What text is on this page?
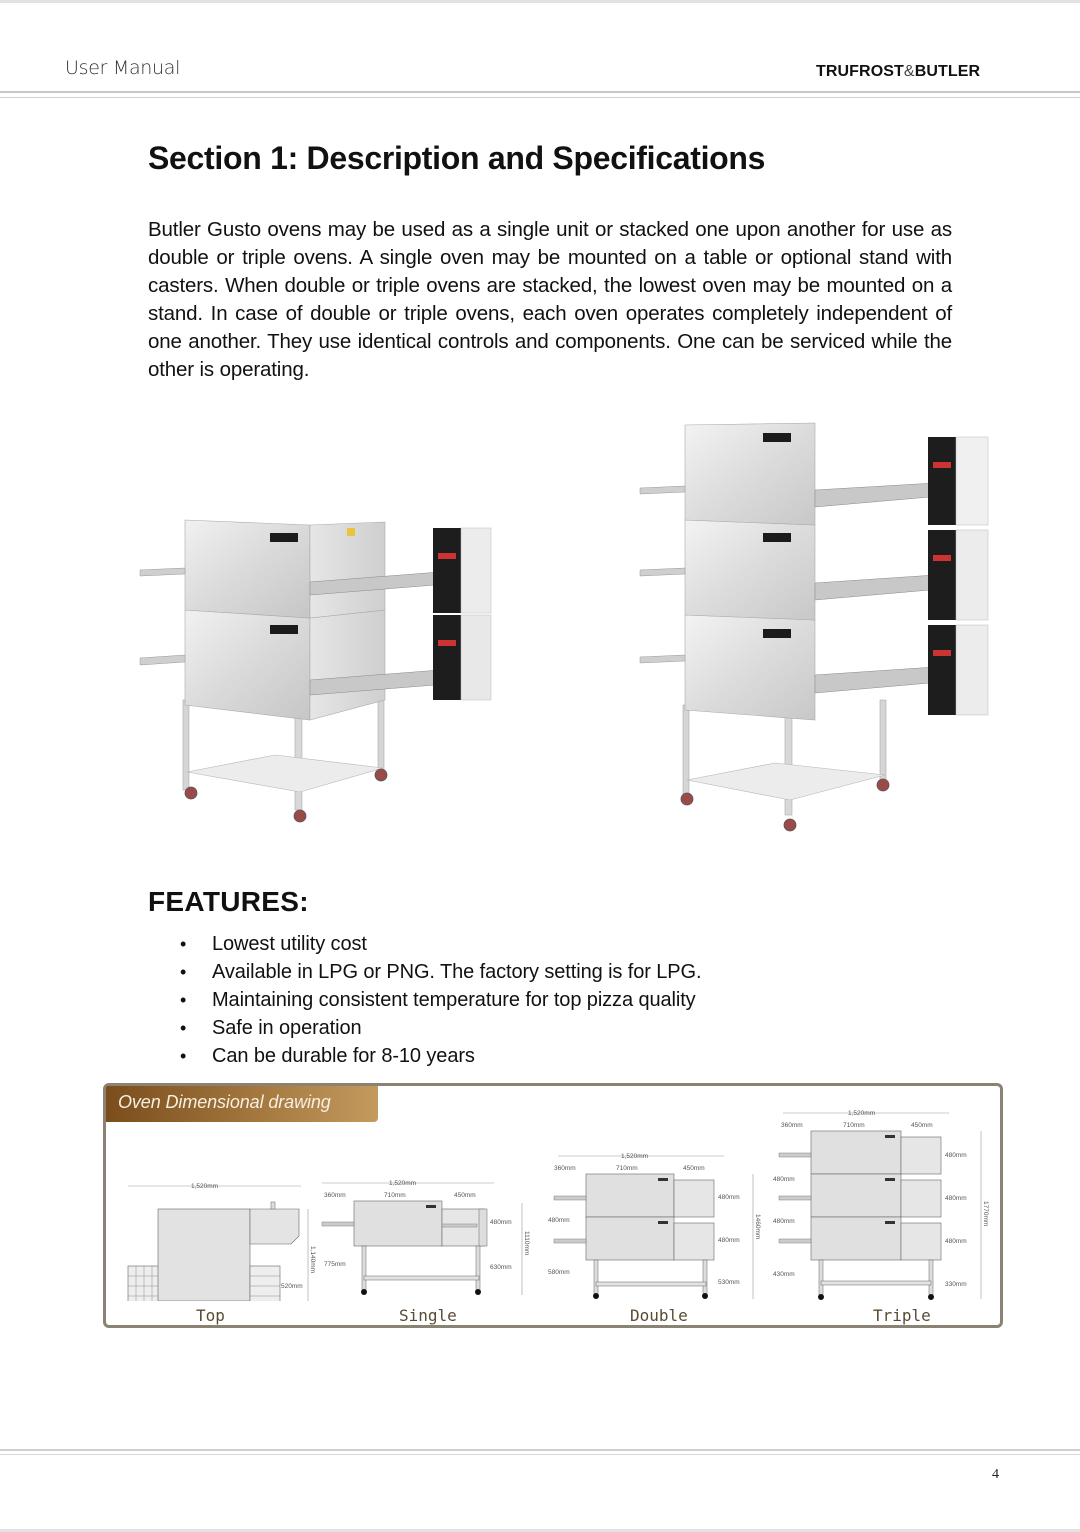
User Manual	TRUFROST&BUTLER
Section 1: Description and Specifications

Butler Gusto ovens may be used as a single unit or stacked one upon another for use as double or triple ovens. A single oven may be mounted on a table or optional stand with casters. When double or triple ovens are stacked, the lowest oven may be mounted on a stand. In case of double or triple ovens, each oven operates completely independent of one another. They use identical controls and components. One can be serviced while the other is operating.

FEATURES:
• Lowest utility cost
• Available in LPG or PNG. The factory setting is for LPG.
• Maintaining consistent temperature for top pizza quality
• Safe in operation
• Can be durable for 8-10 years
Oven Dimensional drawing
1,520mm
1,140mm
520mm
Top
1,520mm
360mm	710mm	450mm
775mm
480mm
630mm
1110mm
Single
1,520mm
360mm	710mm	450mm
480mm
580mm
480mm
480mm
530mm
1460mm
Double
1,520mm
360mm	710mm	450mm
480mm
480mm
430mm
480mm
480mm
480mm
330mm
1770mm
Triple
4
